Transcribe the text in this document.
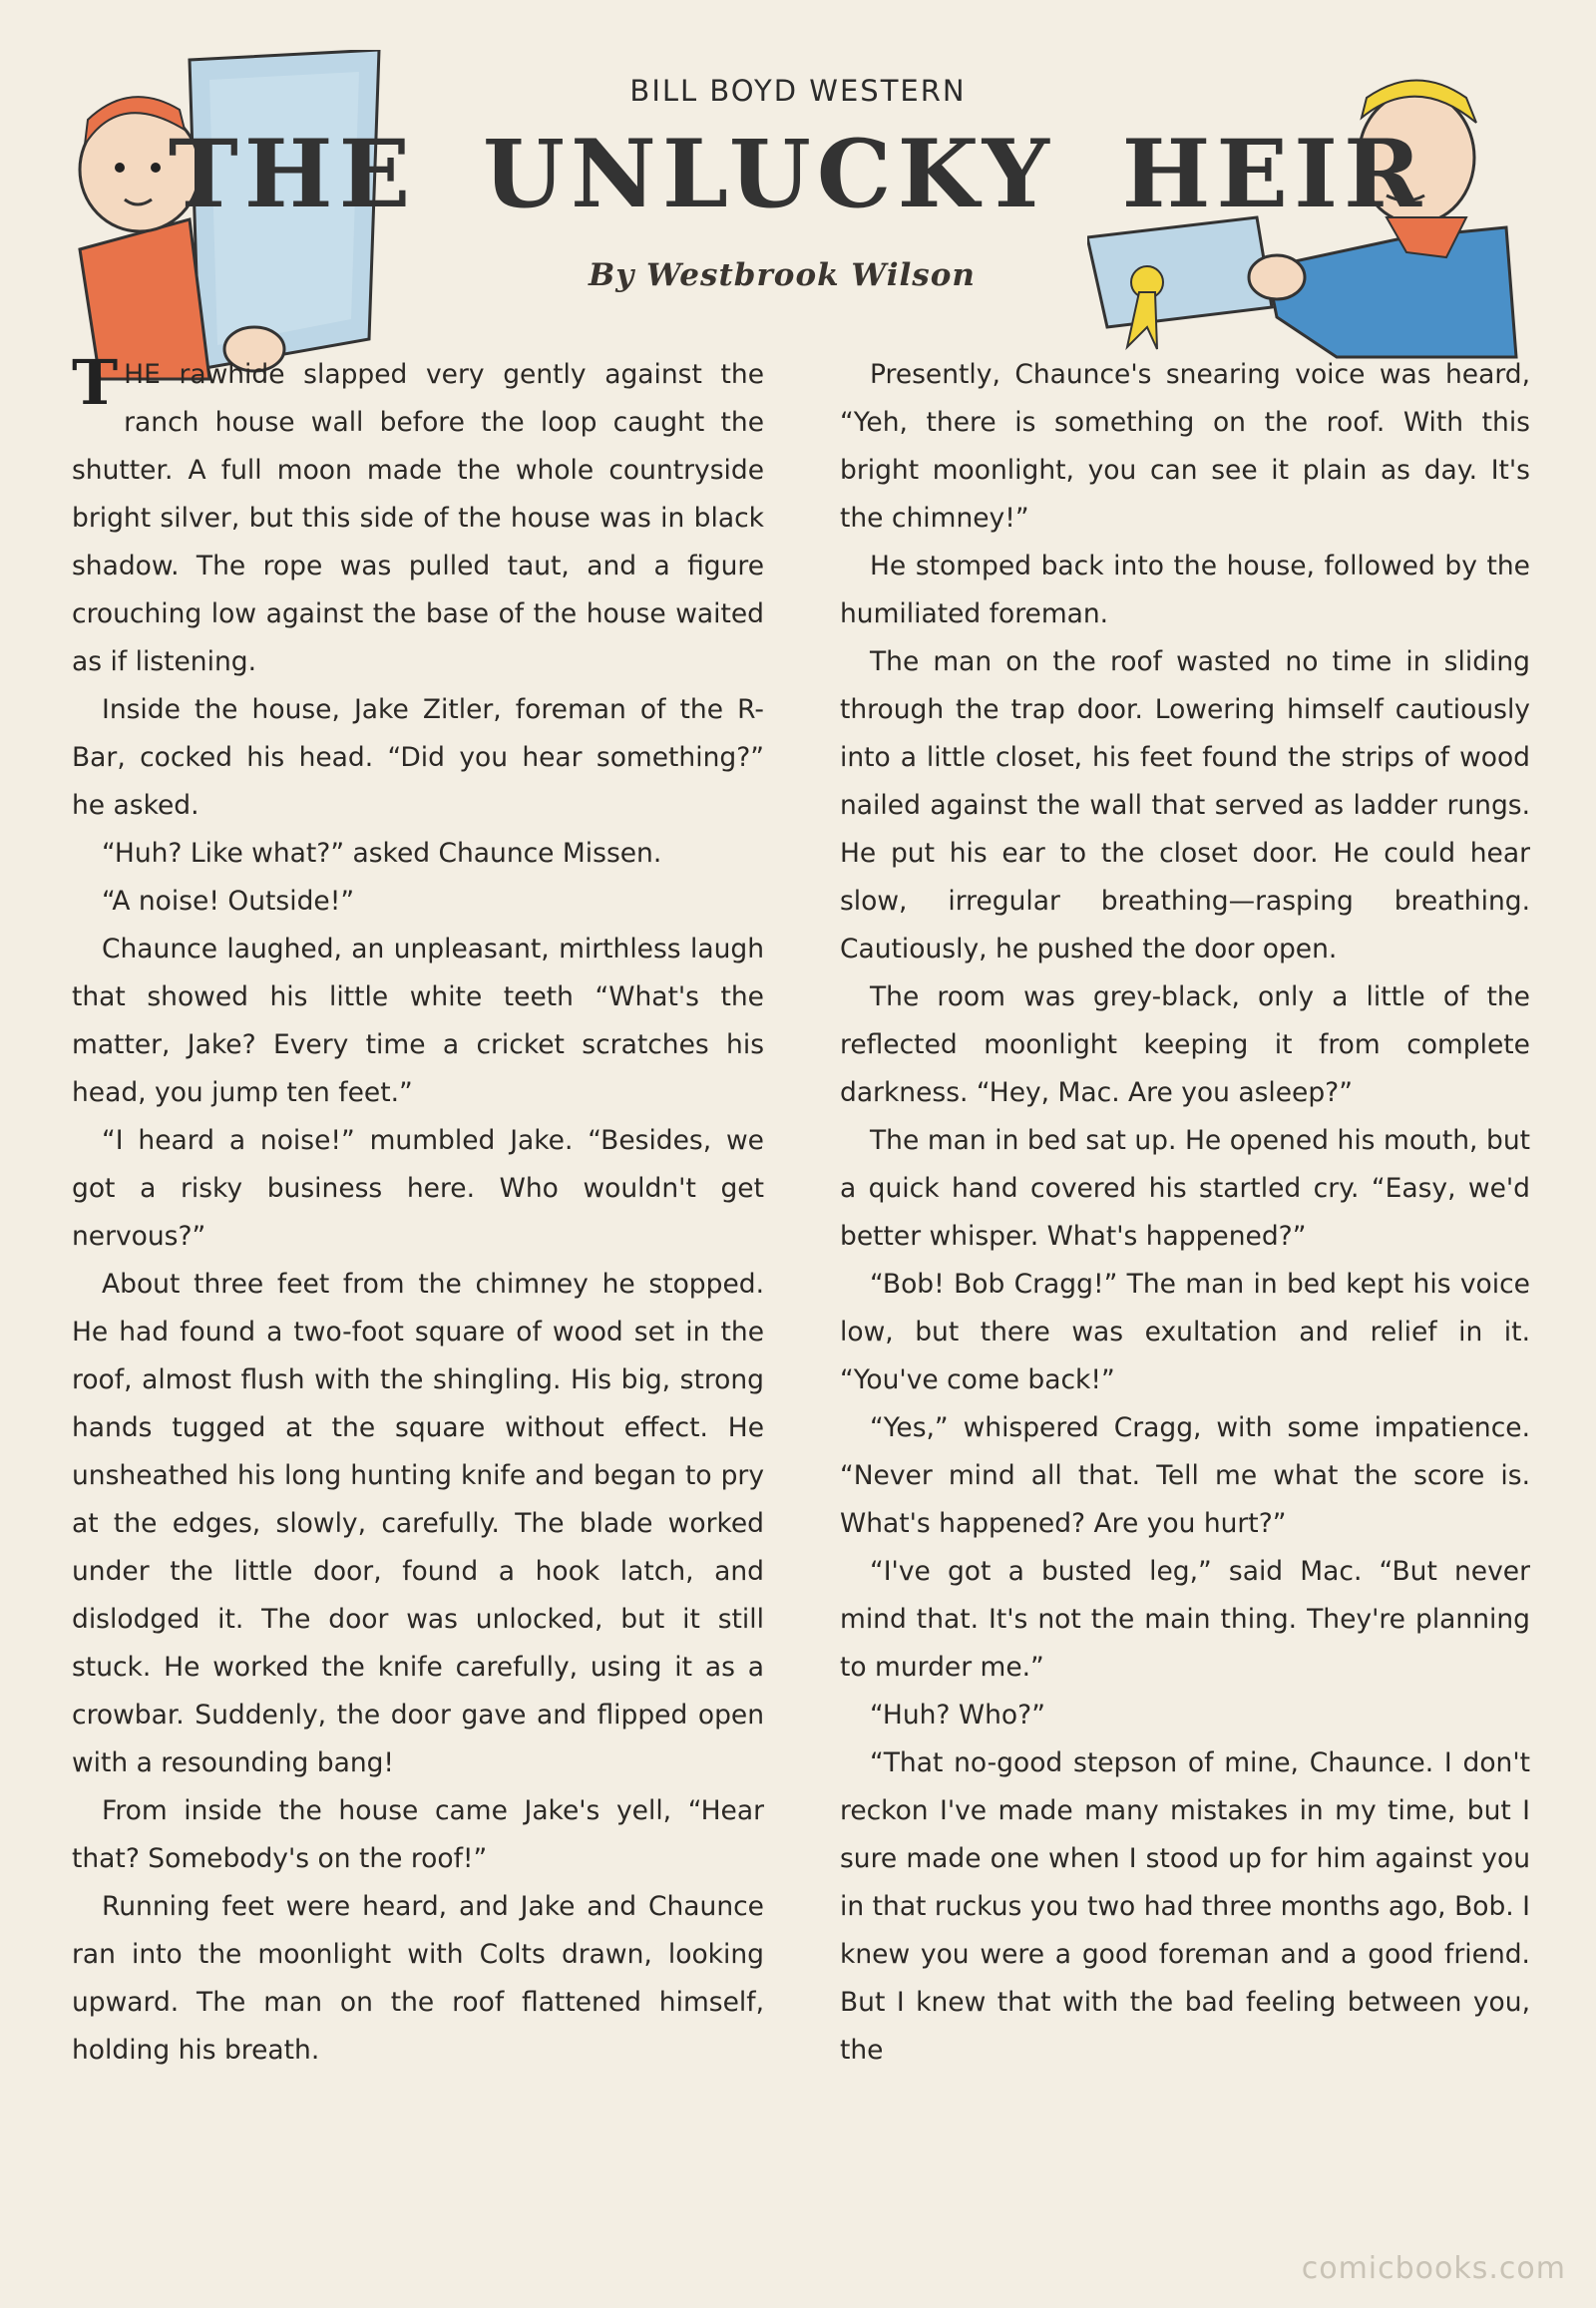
BILL BOYD WESTERN
THE UNLUCKY HEIR
By Westbrook Wilson

THE rawhide slapped very gently against the ranch house wall before the loop caught the shutter. A full moon made the whole countryside bright silver, but this side of the house was in black shadow. The rope was pulled taut, and a figure crouching low against the base of the house waited as if listening.

Inside the house, Jake Zitler, foreman of the R-Bar, cocked his head. “Did you hear something?” he asked.

“Huh? Like what?” asked Chaunce Missen.

“A noise! Outside!”

Chaunce laughed, an unpleasant, mirthless laugh that showed his little white teeth “What's the matter, Jake? Every time a cricket scratches his head, you jump ten feet.”

“I heard a noise!” mumbled Jake. “Besides, we got a risky business here. Who wouldn't get nervous?”

About three feet from the chimney he stopped. He had found a two-foot square of wood set in the roof, almost flush with the shingling. His big, strong hands tugged at the square without effect. He unsheathed his long hunting knife and began to pry at the edges, slowly, carefully. The blade worked under the little door, found a hook latch, and dislodged it. The door was unlocked, but it still stuck. He worked the knife carefully, using it as a crowbar. Suddenly, the door gave and flipped open with a resounding bang!

From inside the house came Jake's yell, “Hear that? Somebody's on the roof!”

Running feet were heard, and Jake and Chaunce ran into the moonlight with Colts drawn, looking upward. The man on the roof flattened himself, holding his breath.

Presently, Chaunce's snearing voice was heard, “Yeh, there is something on the roof. With this bright moonlight, you can see it plain as day. It's the chimney!”

He stomped back into the house, followed by the humiliated foreman.

The man on the roof wasted no time in sliding through the trap door. Lowering himself cautiously into a little closet, his feet found the strips of wood nailed against the wall that served as ladder rungs. He put his ear to the closet door. He could hear slow, irregular breathing—rasping breathing. Cautiously, he pushed the door open.

The room was grey-black, only a little of the reflected moonlight keeping it from complete darkness. “Hey, Mac. Are you asleep?”

The man in bed sat up. He opened his mouth, but a quick hand covered his startled cry. “Easy, we'd better whisper. What's happened?”

“Bob! Bob Cragg!” The man in bed kept his voice low, but there was exultation and relief in it. “You've come back!”

“Yes,” whispered Cragg, with some impatience. “Never mind all that. Tell me what the score is. What's happened? Are you hurt?”

“I've got a busted leg,” said Mac. “But never mind that. It's not the main thing. They're planning to murder me.”

“Huh? Who?”

“That no-good stepson of mine, Chaunce. I don't reckon I've made many mistakes in my time, but I sure made one when I stood up for him against you in that ruckus you two had three months ago, Bob. I knew you were a good foreman and a good friend. But I knew that with the bad feeling between you, the

comicbooks.com
